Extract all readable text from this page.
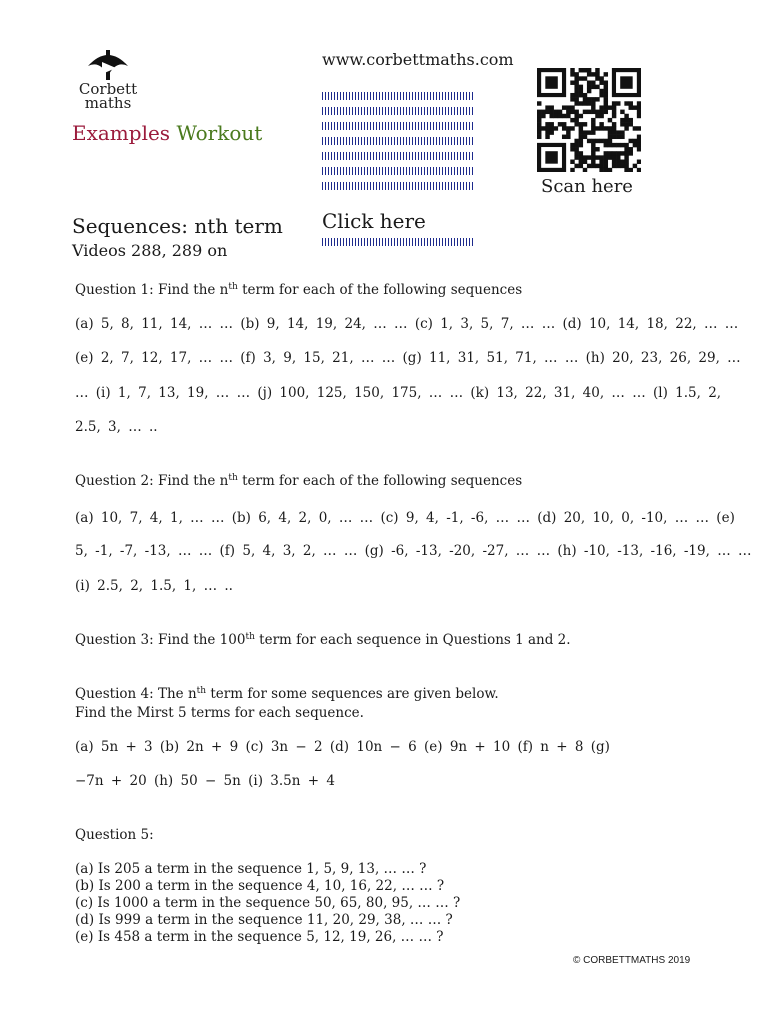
Corbett
maths
Examples Workout
www.corbettmaths.com
Scan here
Sequences: nth term
Videos 288, 289 on
Click here
Question 1: Find the $n^{th}$ term for each of the following sequences
(a) 5, 8, 11, 14, … … (b) 9, 14, 19, 24, … … (c) 1, 3, 5, 7, … … (d) 10, 14, 18, 22, … …
(e) 2, 7, 12, 17, … … (f) 3, 9, 15, 21, … … (g) 11, 31, 51, 71, … … (h) 20, 23, 26, 29, …
… (i) 1, 7, 13, 19, … … (j) 100, 125, 150, 175, … … (k) 13, 22, 31, 40, … … (l) 1.5, 2,
2.5, 3, … ..
Question 2: Find the $n^{th}$ term for each of the following sequences
(a) 10, 7, 4, 1, … … (b) 6, 4, 2, 0, … … (c) 9, 4, -1, -6, … … (d) 20, 10, 0, -10, … … (e)
5, -1, -7, -13, … … (f) 5, 4, 3, 2, … … (g) -6, -13, -20, -27, … … (h) -10, -13, -16, -19, … …
(i) 2.5, 2, 1.5, 1, … ..
Question 3: Find the 100th term for each sequence in Questions 1 and 2.
Question 4: The $n^{th}$ term for some sequences are given below.
Find the Mirst 5 terms for each sequence.
(a) 5n + 3 (b) 2n + 9 (c) 3n − 2 (d) 10n − 6 (e) 9n + 10 (f) n + 8 (g)
−7n + 20 (h) 50 − 5n (i) 3.5n + 4
Question 5:
(a) Is 205 a term in the sequence 1, 5, 9, 13, … … ?
(b) Is 200 a term in the sequence 4, 10, 16, 22, … … ?
(c) Is 1000 a term in the sequence 50, 65, 80, 95, … … ?
(d) Is 999 a term in the sequence 11, 20, 29, 38, … … ?
(e) Is 458 a term in the sequence 5, 12, 19, 26, … … ?
© CORBETTMATHS 2019
